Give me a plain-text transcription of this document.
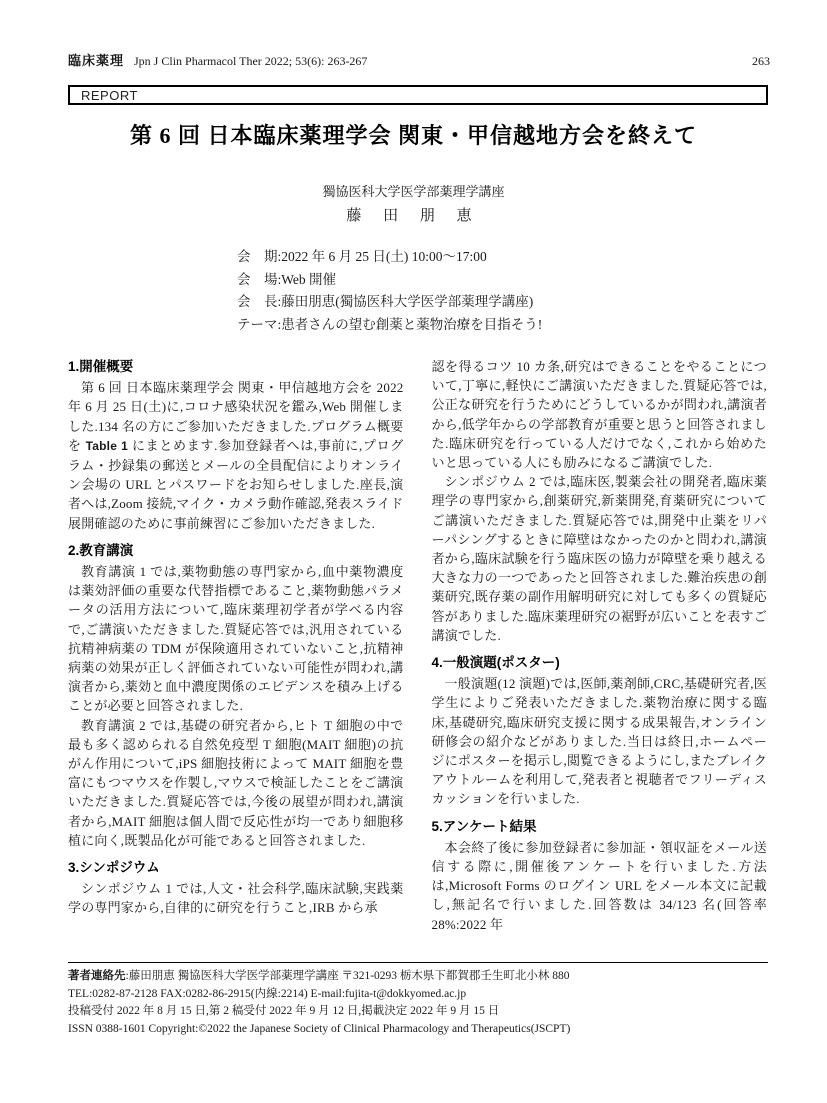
臨床薬理 Jpn J Clin Pharmacol Ther 2022; 53(6): 263-267	263
REPORT
第 6 回 日本臨床薬理学会 関東・甲信越地方会を終えて
獨協医科大学医学部薬理学講座
藤 田 朋 恵
会　期:2022 年 6 月 25 日(土) 10:00〜17:00
会　場:Web 開催
会　長:藤田朋恵(獨協医科大学医学部薬理学講座)
テーマ:患者さんの望む創薬と薬物治療を目指そう!
1.開催概要

第 6 回 日本臨床薬理学会 関東・甲信越地方会を 2022 年 6 月 25 日(土)に,コロナ感染状況を鑑み,Web 開催しました.134 名の方にご参加いただきました.プログラム概要を Table 1 にまとめます.参加登録者へは,事前に,プログラム・抄録集の郵送とメールの全員配信によりオンライン会場の URL とパスワードをお知らせしました.座長,演者へは,Zoom 接続,マイク・カメラ動作確認,発表スライド展開確認のために事前練習にご参加いただきました.

2.教育講演

教育講演 1 では,薬物動態の専門家から,血中薬物濃度は薬効評価の重要な代替指標であること,薬物動態パラメータの活用方法について,臨床薬理初学者が学べる内容で,ご講演いただきました.質疑応答では,汎用されている抗精神病薬の TDM が保険適用されていないこと,抗精神病薬の効果が正しく評価されていない可能性が問われ,講演者から,薬効と血中濃度関係のエビデンスを積み上げることが必要と回答されました.

教育講演 2 では,基礎の研究者から,ヒト T 細胞の中で最も多く認められる自然免疫型 T 細胞(MAIT 細胞)の抗がん作用について,iPS 細胞技術によって MAIT 細胞を豊富にもつマウスを作製し,マウスで検証したことをご講演いただきました.質疑応答では,今後の展望が問われ,講演者から,MAIT 細胞は個人間で反応性が均一であり細胞移植に向く,既製品化が可能であると回答されました.

3.シンポジウム

シンポジウム 1 では,人文・社会科学,臨床試験,実践薬学の専門家から,自律的に研究を行うこと,IRB から承

認を得るコツ 10 カ条,研究はできることをやることについて,丁寧に,軽快にご講演いただきました.質疑応答では,公正な研究を行うためにどうしているかが問われ,講演者から,低学年からの学部教育が重要と思うと回答されました.臨床研究を行っている人だけでなく,これから始めたいと思っている人にも励みになるご講演でした.

シンポジウム 2 では,臨床医,製薬会社の開発者,臨床薬理学の専門家から,創薬研究,新薬開発,育薬研究についてご講演いただきました.質疑応答では,開発中止薬をリパーパシングするときに障壁はなかったのかと問われ,講演者から,臨床試験を行う臨床医の協力が障壁を乗り越える大きな力の一つであったと回答されました.難治疾患の創薬研究,既存薬の副作用解明研究に対しても多くの質疑応答がありました.臨床薬理研究の裾野が広いことを表すご講演でした.

4.一般演題(ポスター)

一般演題(12 演題)では,医師,薬剤師,CRC,基礎研究者,医学生によりご発表いただきました.薬物治療に関する臨床,基礎研究,臨床研究支援に関する成果報告,オンライン研修会の紹介などがありました.当日は終日,ホームページにポスターを掲示し,閲覧できるようにし,またブレイクアウトルームを利用して,発表者と視聴者でフリーディスカッションを行いました.

5.アンケート結果

本会終了後に参加登録者に参加証・領収証をメール送信する際に,開催後アンケートを行いました.方法は,Microsoft Forms のログイン URL をメール本文に記載し,無記名で行いました.回答数は 34/123 名(回答率 28%:2022 年

著者連絡先:藤田朋恵 獨協医科大学医学部薬理学講座 〒321-0293 栃木県下都賀郡壬生町北小林 880
TEL:0282-87-2128 FAX:0282-86-2915(内線:2214) E-mail:fujita-t@dokkyomed.ac.jp
投稿受付 2022 年 8 月 15 日,第 2 稿受付 2022 年 9 月 12 日,掲載決定 2022 年 9 月 15 日
ISSN 0388-1601 Copyright:©2022 the Japanese Society of Clinical Pharmacology and Therapeutics(JSCPT)
